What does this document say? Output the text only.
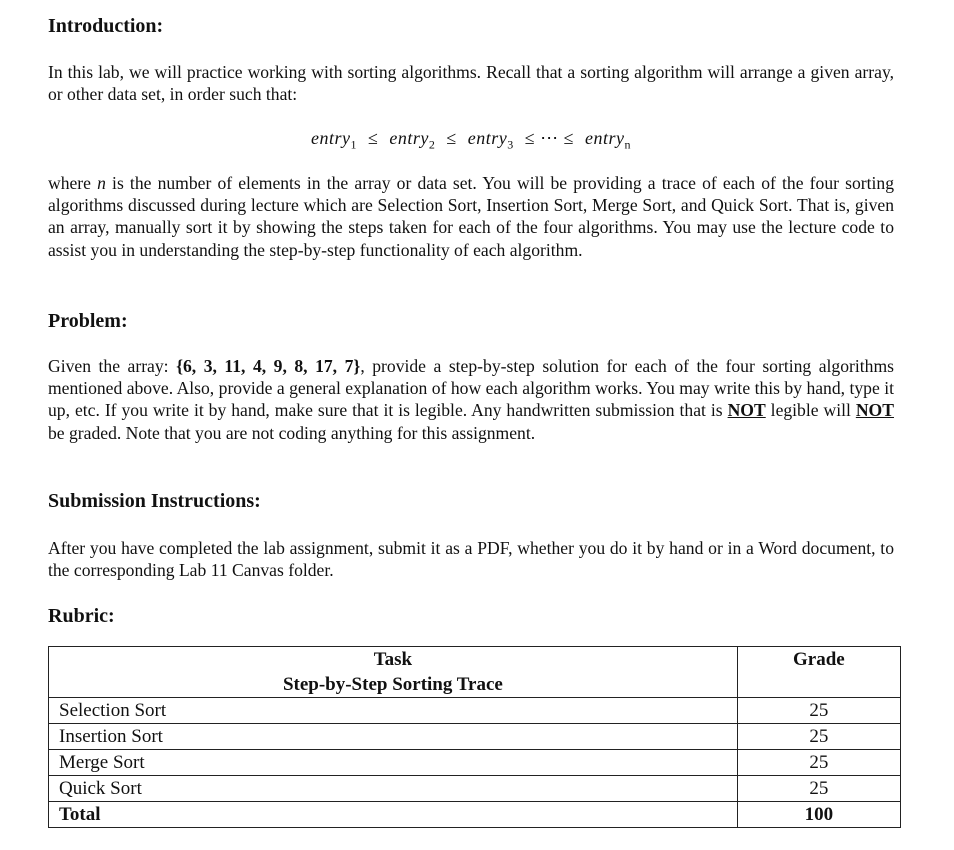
Introduction:

In this lab, we will practice working with sorting algorithms. Recall that a sorting algorithm will arrange a given array, or other data set, in order such that:

entry$_1$ ≤ entry$_2$ ≤ entry$_3$ ≤ ⋯ ≤ entry$_n$

where n is the number of elements in the array or data set. You will be providing a trace of each of the four sorting algorithms discussed during lecture which are Selection Sort, Insertion Sort, Merge Sort, and Quick Sort. That is, given an array, manually sort it by showing the steps taken for each of the four algorithms. You may use the lecture code to assist you in understanding the step-by-step functionality of each algorithm.

Problem:

Given the array: {6, 3, 11, 4, 9, 8, 17, 7}, provide a step-by-step solution for each of the four sorting algorithms mentioned above. Also, provide a general explanation of how each algorithm works. You may write this by hand, type it up, etc. If you write it by hand, make sure that it is legible. Any handwritten submission that is NOT legible will NOT be graded. Note that you are not coding anything for this assignment.

Submission Instructions:

After you have completed the lab assignment, submit it as a PDF, whether you do it by hand or in a Word document, to the corresponding Lab 11 Canvas folder.

Rubric:
Task
Step-by-Step Sorting Trace	Grade
Selection Sort	25
Insertion Sort	25
Merge Sort	25
Quick Sort	25
Total	100
